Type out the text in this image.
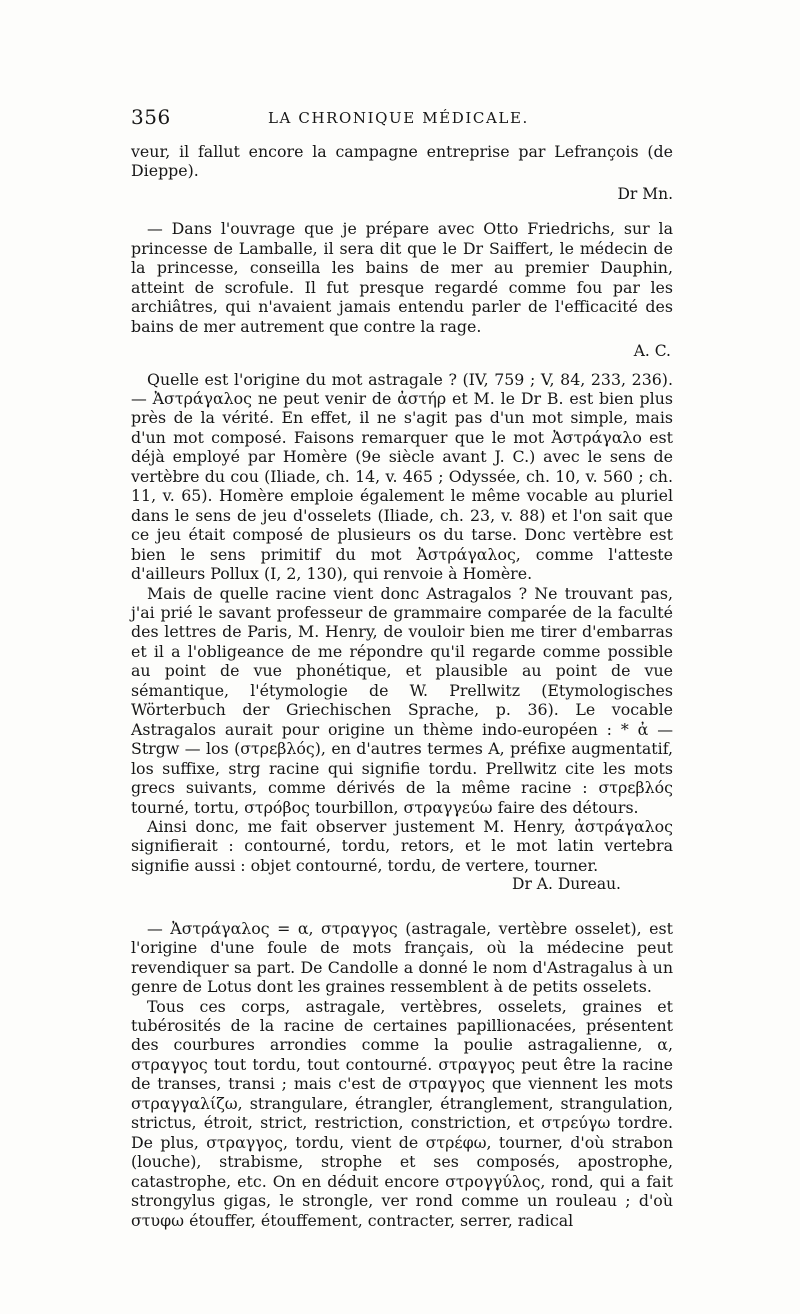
356	LA CHRONIQUE MÉDICALE.

veur, il fallut encore la campagne entreprise par Lefrançois (de Dieppe).

Dr Mn.

— Dans l'ouvrage que je prépare avec Otto Friedrichs, sur la princesse de Lamballe, il sera dit que le Dr Saiffert, le médecin de la princesse, conseilla les bains de mer au premier Dauphin, atteint de scrofule. Il fut presque regardé comme fou par les archiâtres, qui n'avaient jamais entendu parler de l'efficacité des bains de mer autrement que contre la rage.

A. C.

Quelle est l'origine du mot astragale ? (IV, 759 ; V, 84, 233, 236). — Ἀστράγαλος ne peut venir de ἀστήρ et M. le Dr B. est bien plus près de la vérité. En effet, il ne s'agit pas d'un mot simple, mais d'un mot composé. Faisons remarquer que le mot Ἀστράγαλο est déjà employé par Homère (9e siècle avant J. C.) avec le sens de vertèbre du cou (Iliade, ch. 14, v. 465 ; Odyssée, ch. 10, v. 560 ; ch. 11, v. 65). Homère emploie également le même vocable au pluriel dans le sens de jeu d'osselets (Iliade, ch. 23, v. 88) et l'on sait que ce jeu était composé de plusieurs os du tarse. Donc vertèbre est bien le sens primitif du mot Ἀστράγαλος, comme l'atteste d'ailleurs Pollux (I, 2, 130), qui renvoie à Homère.

Mais de quelle racine vient donc Astragalos ? Ne trouvant pas, j'ai prié le savant professeur de grammaire comparée de la faculté des lettres de Paris, M. Henry, de vouloir bien me tirer d'embarras et il a l'obligeance de me répondre qu'il regarde comme possible au point de vue phonétique, et plausible au point de vue sémantique, l'étymologie de W. Prellwitz (Etymologisches Wörterbuch der Griechischen Sprache, p. 36). Le vocable Astragalos aurait pour origine un thème indo-européen : * ἀ — Strgw — los (στρεβλός), en d'autres termes A, préfixe augmentatif, los suffixe, strg racine qui signifie tordu. Prellwitz cite les mots grecs suivants, comme dérivés de la même racine : στρεβλός tourné, tortu, στρόβος tourbillon, στραγγεύω faire des détours.

Ainsi donc, me fait observer justement M. Henry, ἀστράγαλος signifierait : contourné, tordu, retors, et le mot latin vertebra signifie aussi : objet contourné, tordu, de vertere, tourner.

Dr A. Dureau.

— Ἀστράγαλος = α, στραγγος (astragale, vertèbre osselet), est l'origine d'une foule de mots français, où la médecine peut revendiquer sa part. De Candolle a donné le nom d'Astragalus à un genre de Lotus dont les graines ressemblent à de petits osselets.

Tous ces corps, astragale, vertèbres, osselets, graines et tubérosités de la racine de certaines papillionacées, présentent des courbures arrondies comme la poulie astragalienne, α, στραγγος tout tordu, tout contourné. στραγγος peut être la racine de transes, transi ; mais c'est de στραγγος que viennent les mots στραγγαλίζω, strangulare, étrangler, étranglement, strangulation, strictus, étroit, strict, restriction, constriction, et στρεύγω tordre. De plus, στραγγος, tordu, vient de στρέφω, tourner, d'où strabon (louche), strabisme, strophe et ses composés, apostrophe, catastrophe, etc. On en déduit encore στρογγύλος, rond, qui a fait strongylus gigas, le strongle, ver rond comme un rouleau ; d'où στυφω étouffer, étouffement, contracter, serrer, radical
